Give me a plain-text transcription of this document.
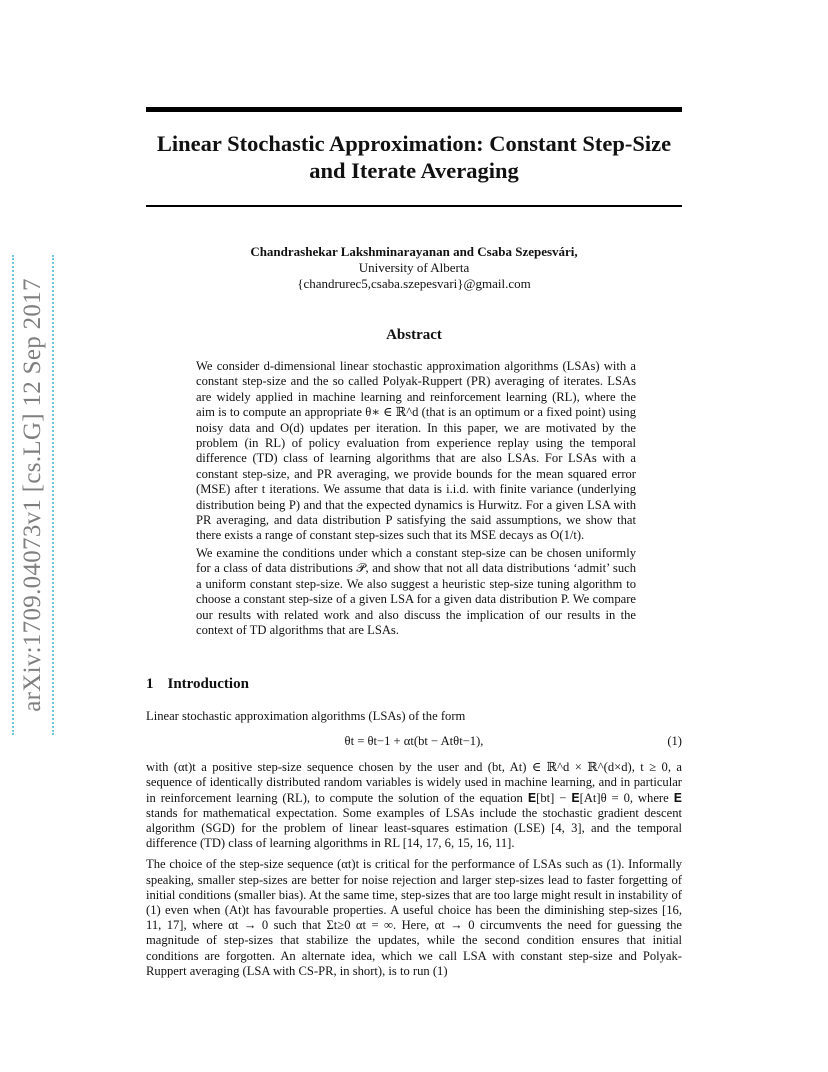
Linear Stochastic Approximation: Constant Step-Size and Iterate Averaging
arXiv:1709.04073v1 [cs.LG] 12 Sep 2017
Chandrashekar Lakshminarayanan and Csaba Szepesvári,
University of Alberta
{chandrurec5,csaba.szepesvari}@gmail.com
Abstract

We consider d-dimensional linear stochastic approximation algorithms (LSAs) with a constant step-size and the so called Polyak-Ruppert (PR) averaging of iterates. LSAs are widely applied in machine learning and reinforcement learning (RL), where the aim is to compute an appropriate θ∗ ∈ ℝ^d (that is an optimum or a fixed point) using noisy data and O(d) updates per iteration. In this paper, we are motivated by the problem (in RL) of policy evaluation from experience replay using the temporal difference (TD) class of learning algorithms that are also LSAs. For LSAs with a constant step-size, and PR averaging, we provide bounds for the mean squared error (MSE) after t iterations. We assume that data is i.i.d. with finite variance (underlying distribution being P) and that the expected dynamics is Hurwitz. For a given LSA with PR averaging, and data distribution P satisfying the said assumptions, we show that there exists a range of constant step-sizes such that its MSE decays as O(1/t).

We examine the conditions under which a constant step-size can be chosen uniformly for a class of data distributions 𝒫, and show that not all data distributions ‘admit’ such a uniform constant step-size. We also suggest a heuristic step-size tuning algorithm to choose a constant step-size of a given LSA for a given data distribution P. We compare our results with related work and also discuss the implication of our results in the context of TD algorithms that are LSAs.

1 Introduction

Linear stochastic approximation algorithms (LSAs) of the form

θt = θt−1 + αt(bt − Atθt−1),	(1)

with (αt)t a positive step-size sequence chosen by the user and (bt, At) ∈ ℝ^d × ℝ^(d×d), t ≥ 0, a sequence of identically distributed random variables is widely used in machine learning, and in particular in reinforcement learning (RL), to compute the solution of the equation 𝐄[bt] − 𝐄[At]θ = 0, where 𝐄 stands for mathematical expectation. Some examples of LSAs include the stochastic gradient descent algorithm (SGD) for the problem of linear least-squares estimation (LSE) [4, 3], and the temporal difference (TD) class of learning algorithms in RL [14, 17, 6, 15, 16, 11].

The choice of the step-size sequence (αt)t is critical for the performance of LSAs such as (1). Informally speaking, smaller step-sizes are better for noise rejection and larger step-sizes lead to faster forgetting of initial conditions (smaller bias). At the same time, step-sizes that are too large might result in instability of (1) even when (At)t has favourable properties. A useful choice has been the diminishing step-sizes [16, 11, 17], where αt → 0 such that Σt≥0 αt = ∞. Here, αt → 0 circumvents the need for guessing the magnitude of step-sizes that stabilize the updates, while the second condition ensures that initial conditions are forgotten. An alternate idea, which we call LSA with constant step-size and Polyak-Ruppert averaging (LSA with CS-PR, in short), is to run (1)
